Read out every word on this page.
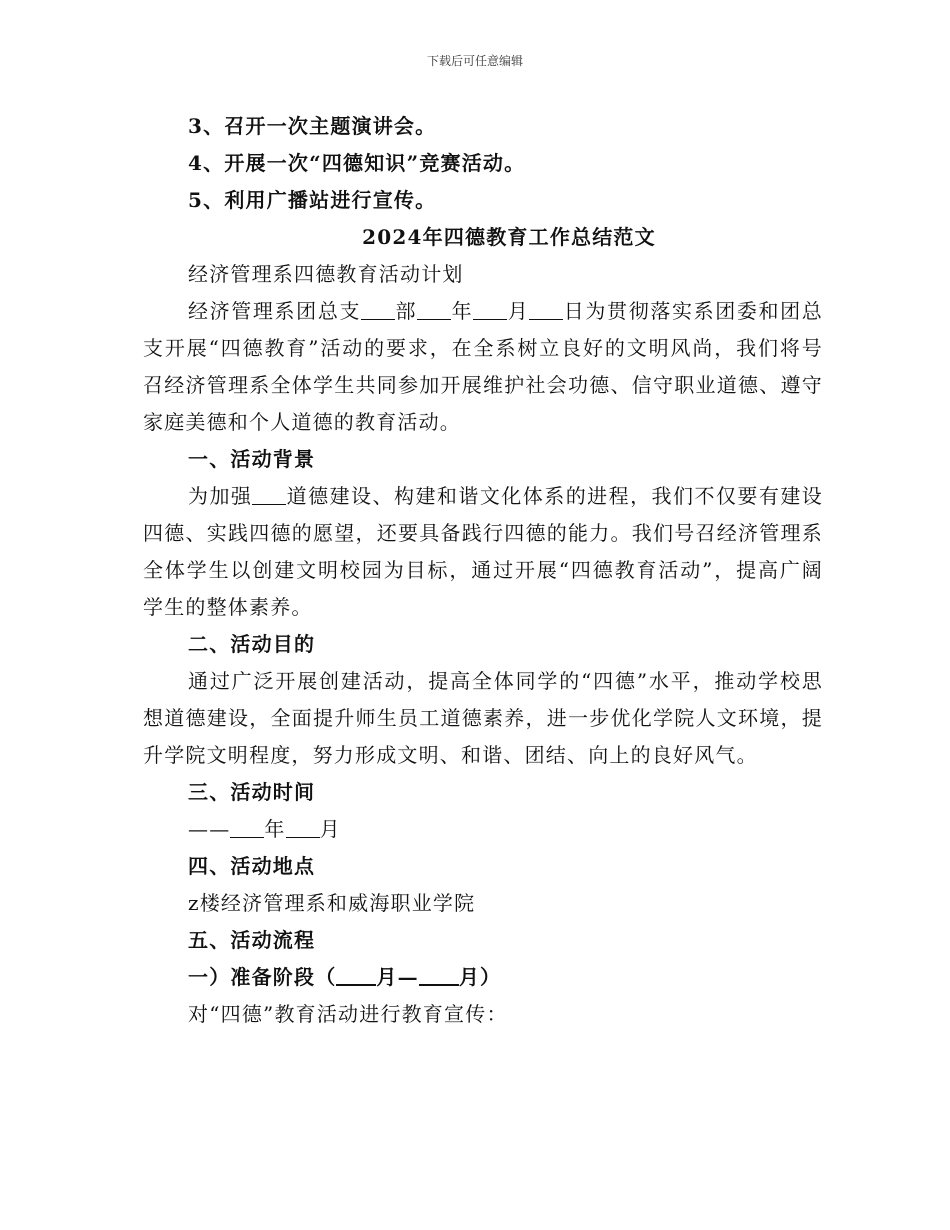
下载后可任意编辑

3、召开一次主题演讲会。

4、开展一次“四德知识”竞赛活动。

5、利用广播站进行宣传。

2024年四德教育工作总结范文

经济管理系四德教育活动计划

经济管理系团总支 部 年 月 日为贯彻落实系团委和团总支开展“四德教育”活动的要求，在全系树立良好的文明风尚，我们将号召经济管理系全体学生共同参加开展维护社会功德、信守职业道德、遵守家庭美德和个人道德的教育活动。

一、活动背景

为加强 道德建设、构建和谐文化体系的进程，我们不仅要有建设四德、实践四德的愿望，还要具备践行四德的能力。我们号召经济管理系全体学生以创建文明校园为目标，通过开展“四德教育活动”，提高广阔学生的整体素养。

二、活动目的

通过广泛开展创建活动，提高全体同学的“四德”水平，推动学校思想道德建设，全面提升师生员工道德素养，进一步优化学院人文环境，提升学院文明程度，努力形成文明、和谐、团结、向上的良好风气。

三、活动时间

—— 年 月

四、活动地点

z楼经济管理系和威海职业学院

五、活动流程

一）准备阶段（ 月— 月）

对“四德”教育活动进行教育宣传：
